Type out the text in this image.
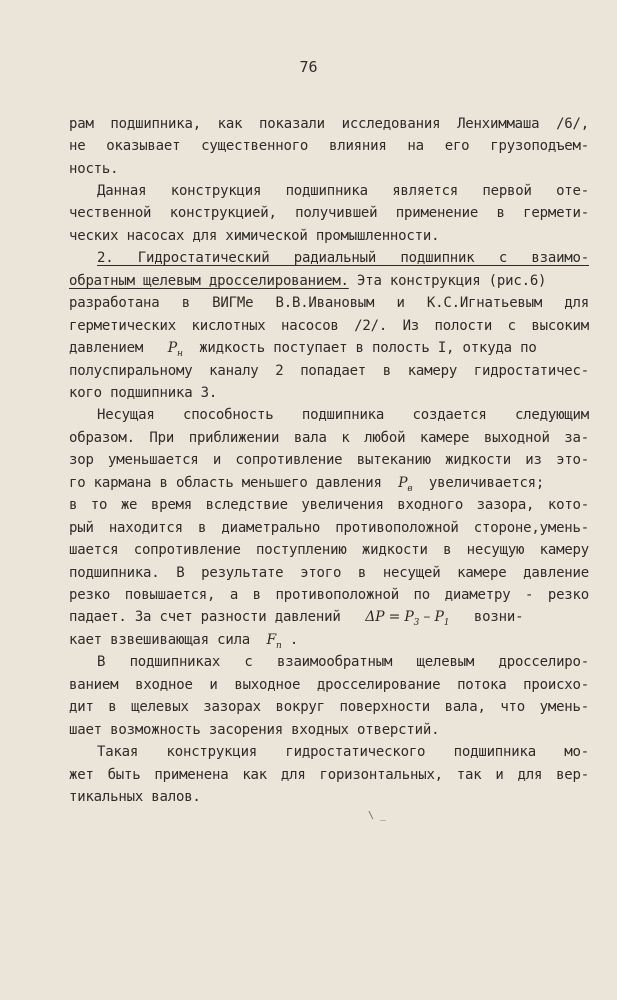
76
рам подшипника, как показали исследования Ленхиммаша /6/,
не оказывает существенного влияния на его грузоподъем-
ность.
Данная конструкция подшипника является первой оте-
чественной конструкцией, получившей применение в гермети-
ческих насосах для химической промышленности.
2. Гидростатический радиальный подшипник с взаимо-
обратным щелевым дросселированием. Эта конструкция (рис.6)
разработана в ВИГМе В.В.Ивановым и К.С.Игнатьевым для
герметических кислотных насосов /2/. Из полости с высоким
давлением $P_н$ жидкость поступает в полость I, откуда по
полуспиральному каналу 2 попадает в камеру гидростатичес-
кого подшипника 3.
Несущая способность подшипника создается следующим
образом. При приближении вала к любой камере выходной за-
зор уменьшается и сопротивление вытеканию жидкости из это-
го кармана в область меньшего давления $P_в$ увеличивается;
в то же время вследствие увеличения входного зазора, кото-
рый находится в диаметрально противоположной стороне,умень-
шается сопротивление поступлению жидкости в несущую камеру
подшипника. В результате этого в несущей камере давление
резко повышается, а в противоположной по диаметру - резко
падает. За счет разности давлений $\Delta P = P_3 - P_1$ возни-
кает взвешивающая сила $F_п$ .
В подшипниках с взаимообратным щелевым дросселиро-
ванием входное и выходное дросселирование потока происхо-
дит в щелевых зазорах вокруг поверхности вала, что умень-
шает возможность засорения входных отверстий.
Такая конструкция гидростатического подшипника мо-
жет быть применена как для горизонтальных, так и для вер-
тикальных валов.
\ _
